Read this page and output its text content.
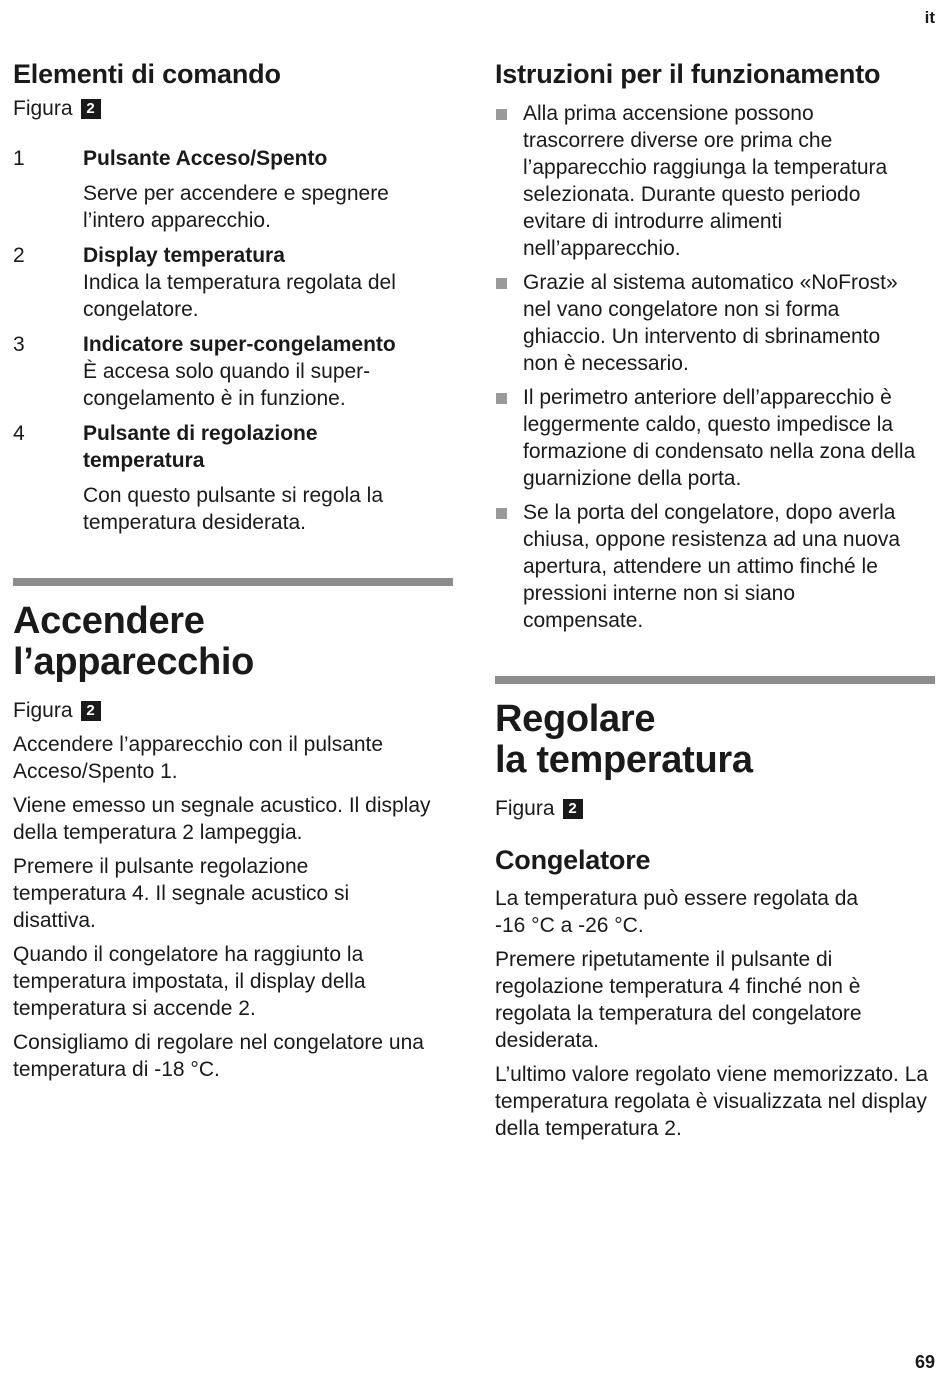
it
Elementi di comando
Figura 2
1	Pulsante Acceso/Spento
Serve per accendere e spegnere l’intero apparecchio.
2	Display temperatura
Indica la temperatura regolata del congelatore.
3	Indicatore super-congelamento
È accesa solo quando il super-congelamento è in funzione.
4	Pulsante di regolazione temperatura
Con questo pulsante si regola la temperatura desiderata.
Accendere
l’apparecchio
Figura 2

Accendere l’apparecchio con il pulsante Acceso/Spento 1.

Viene emesso un segnale acustico. Il display della temperatura 2 lampeggia.

Premere il pulsante regolazione temperatura 4. Il segnale acustico si disattiva.

Quando il congelatore ha raggiunto la temperatura impostata, il display della temperatura si accende 2.

Consigliamo di regolare nel congelatore una temperatura di -18 °C.

Istruzioni per il funzionamento
Alla prima accensione possono trascorrere diverse ore prima che l’apparecchio raggiunga la temperatura selezionata. Durante questo periodo evitare di introdurre alimenti nell’apparecchio.
Grazie al sistema automatico «NoFrost» nel vano congelatore non si forma ghiaccio. Un intervento di sbrinamento non è necessario.
Il perimetro anteriore dell’apparecchio è leggermente caldo, questo impedisce la formazione di condensato nella zona della guarnizione della porta.
Se la porta del congelatore, dopo averla chiusa, oppone resistenza ad una nuova apertura, attendere un attimo finché le pressioni interne non si siano compensate.
Regolare
la temperatura
Figura 2
Congelatore

La temperatura può essere regolata da -16 °C a -26 °C.

Premere ripetutamente il pulsante di regolazione temperatura 4 finché non è regolata la temperatura del congelatore desiderata.

L’ultimo valore regolato viene memorizzato. La temperatura regolata è visualizzata nel display della temperatura 2.

69
